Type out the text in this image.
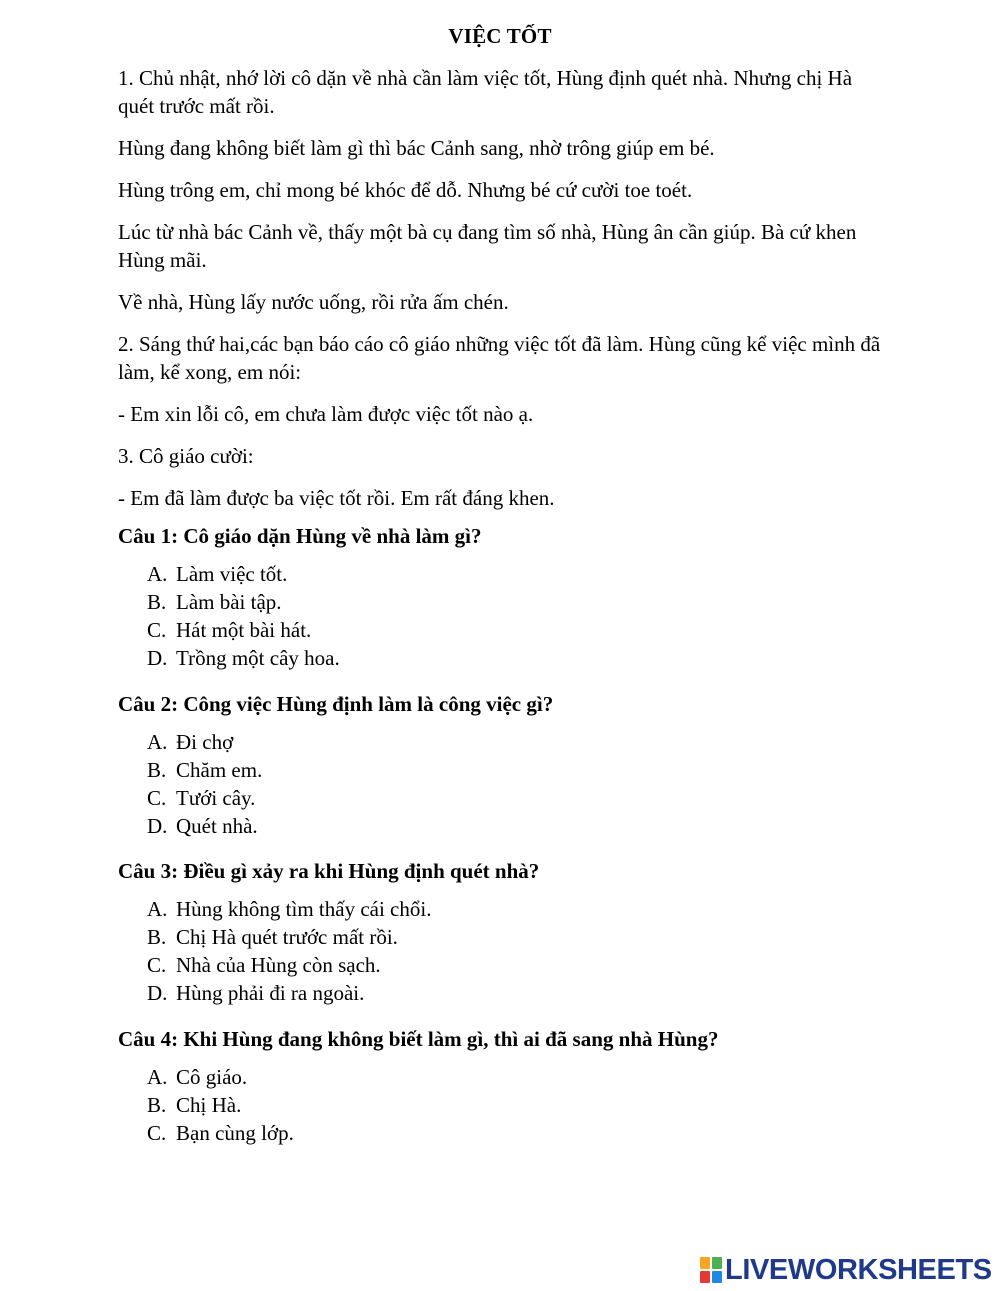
VIỆC TỐT

1. Chủ nhật, nhớ lời cô dặn về nhà cần làm việc tốt, Hùng định quét nhà. Nhưng chị Hà quét trước mất rồi.

Hùng đang không biết làm gì thì bác Cảnh sang, nhờ trông giúp em bé.

Hùng trông em, chỉ mong bé khóc để dỗ. Nhưng bé cứ cười toe toét.

Lúc từ nhà bác Cảnh về, thấy một bà cụ đang tìm số nhà, Hùng ân cần giúp. Bà cứ khen Hùng mãi.

Về nhà, Hùng lấy nước uống, rồi rửa ấm chén.

2. Sáng thứ hai,các bạn báo cáo cô giáo những việc tốt đã làm. Hùng cũng kể việc mình đã làm, kể xong, em nói:

- Em xin lỗi cô, em chưa làm được việc tốt nào ạ.

3. Cô giáo cười:

- Em đã làm được ba việc tốt rồi. Em rất đáng khen.

Câu 1: Cô giáo dặn Hùng về nhà làm gì?

A. Làm việc tốt.
B. Làm bài tập.
C. Hát một bài hát.
D. Trồng một cây hoa.

Câu 2: Công việc Hùng định làm là công việc gì?

A. Đi chợ
B. Chăm em.
C. Tưới cây.
D. Quét nhà.

Câu 3: Điều gì xảy ra khi Hùng định quét nhà?

A. Hùng không tìm thấy cái chổi.
B. Chị Hà quét trước mất rồi.
C. Nhà của Hùng còn sạch.
D. Hùng phải đi ra ngoài.

Câu 4: Khi Hùng đang không biết làm gì, thì ai đã sang nhà Hùng?

A. Cô giáo.
B. Chị Hà.
C. Bạn cùng lớp.
LIVEWORKSHEETS
